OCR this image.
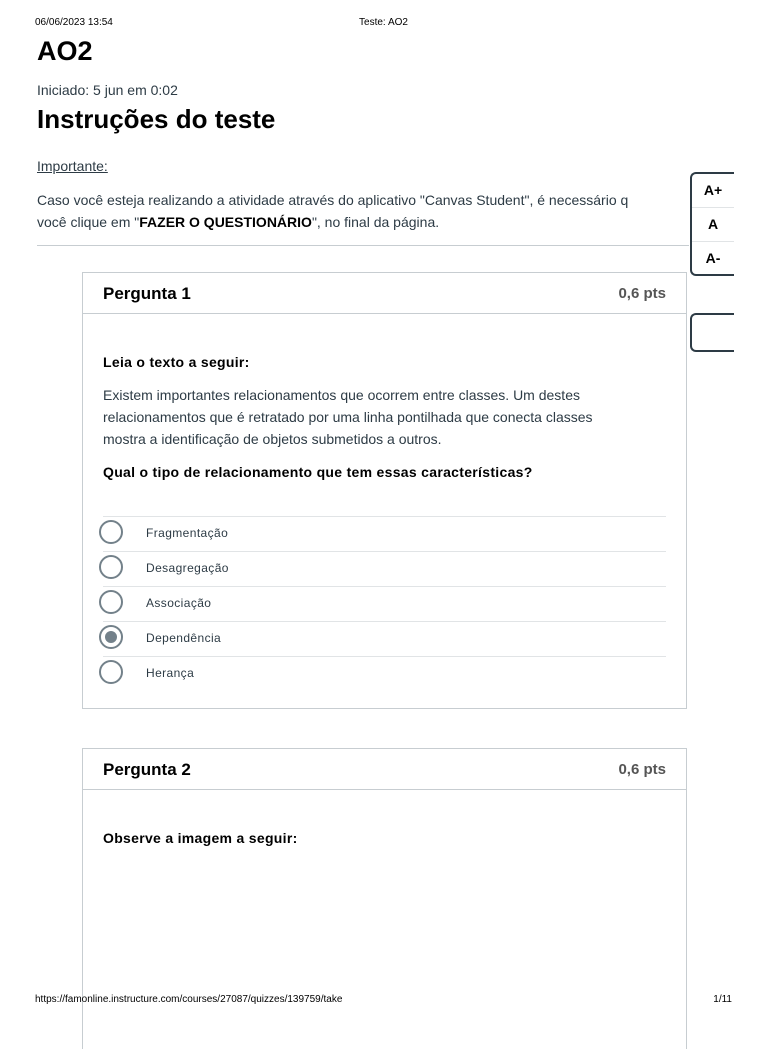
06/06/2023 13:54	Teste: AO2
AO2
Iniciado: 5 jun em 0:02
Instruções do teste
Importante:
Caso você esteja realizando a atividade através do aplicativo "Canvas Student", é necessário q
você clique em "FAZER O QUESTIONÁRIO", no final da página.
Pergunta 1	0,6 pts
Leia o texto a seguir:
Existem importantes relacionamentos que ocorrem entre classes. Um destes
relacionamentos que é retratado por uma linha pontilhada que conecta classes
mostra a identificação de objetos submetidos a outros.
Qual o tipo de relacionamento que tem essas características?
Fragmentação
Desagregação
Associação
Dependência
Herança
Pergunta 2	0,6 pts
Observe a imagem a seguir:
A+
A
A-
https://famonline.instructure.com/courses/27087/quizzes/139759/take	1/11
